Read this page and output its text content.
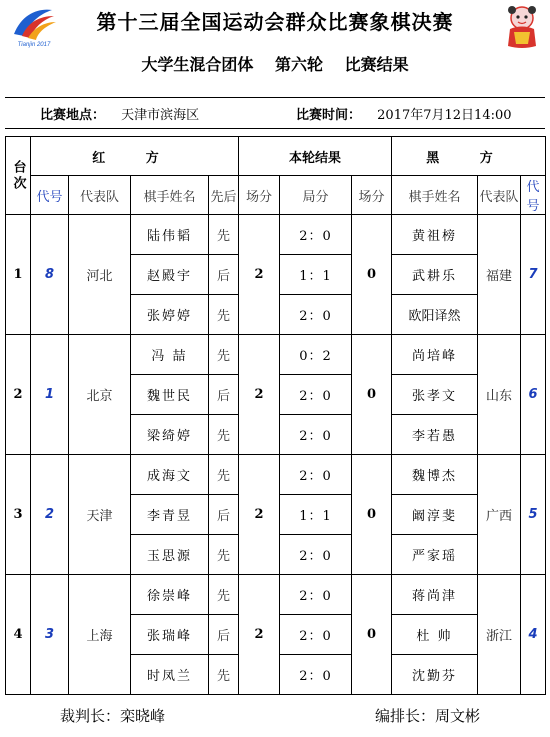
Tianjin 2017
第十三届全国运动会群众比赛象棋决赛
大学生混合团体 第六轮 比赛结果
比赛地点： 天津市滨海区	比赛时间： 2017年7月12日14:00
台次	红 方				本轮结果			黑 方		
	代号	代表队	棋手姓名	先后	场分	局分	场分	棋手姓名	代表队	代号
1	8	河北	陆伟韬	先	2	2：0	0	黄祖榜	福建	7
			赵殿宇	后		1：1		武耕乐		
			张婷婷	先		2：0		欧阳译然		
2	1	北京	冯 喆	先	2	0：2	0	尚培峰	山东	6
			魏世民	后		2：0		张孝文		
			梁绮婷	先		2：0		李若愚		
3	2	天津	成海文	先	2	2：0	0	魏博杰	广西	5
			李青昱	后		1：1		阚淳斐		
			玉思源	先		2：0		严家瑶		
4	3	上海	徐崇峰	先	2	2：0	0	蒋尚津	浙江	4
			张瑞峰	后		2：0		杜 帅		
			时凤兰	先		2：0		沈勤芬		
裁判长：栾晓峰	编排长：周文彬
